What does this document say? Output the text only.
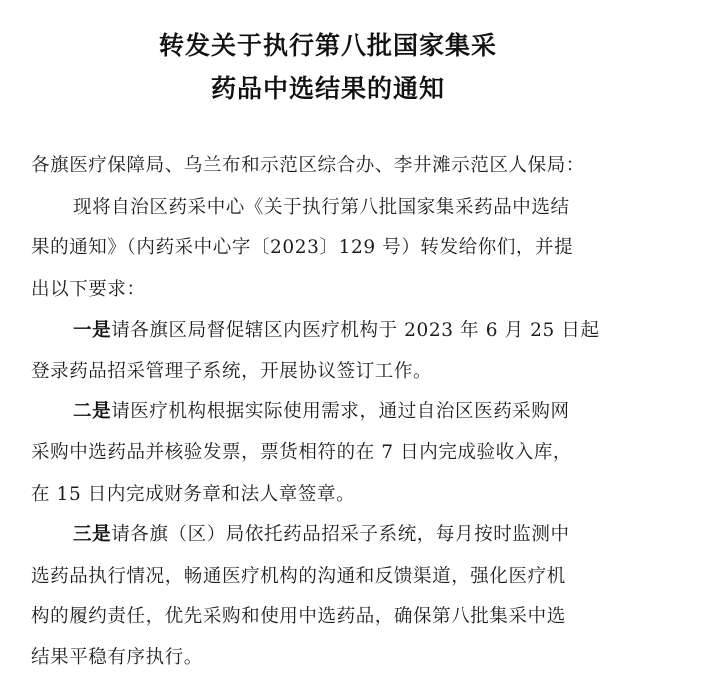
转发关于执行第八批国家集采
药品中选结果的通知
各旗医疗保障局、乌兰布和示范区综合办、李井滩示范区人保局：
现将自治区药采中心《关于执行第八批国家集采药品中选结
果的通知》（内药采中心字〔2023〕129 号）转发给你们，并提
出以下要求：
一是请各旗区局督促辖区内医疗机构于 2023 年 6 月 25 日起
登录药品招采管理子系统，开展协议签订工作。
二是请医疗机构根据实际使用需求，通过自治区医药采购网
采购中选药品并核验发票，票货相符的在 7 日内完成验收入库，
在 15 日内完成财务章和法人章签章。
三是请各旗（区）局依托药品招采子系统，每月按时监测中
选药品执行情况，畅通医疗机构的沟通和反馈渠道，强化医疗机
构的履约责任，优先采购和使用中选药品，确保第八批集采中选
结果平稳有序执行。
